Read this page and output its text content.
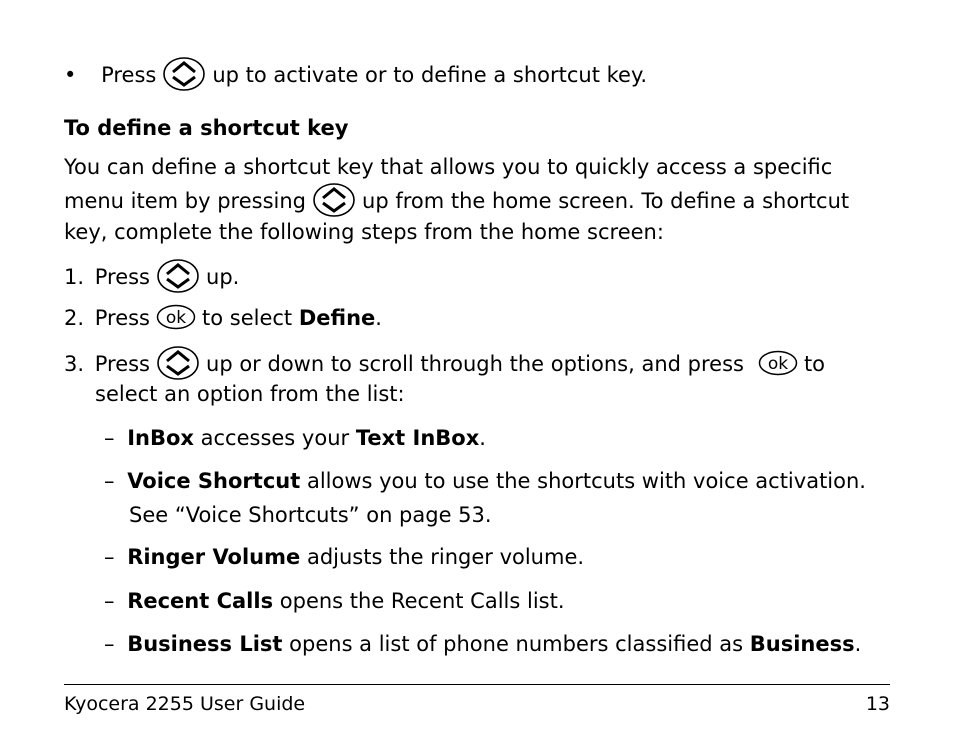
• Press	up to activate or to define a shortcut key.
To define a shortcut key
You can define a shortcut key that allows you to quickly access a specific
menu item by pressing	up from the home screen. To define a shortcut
key, complete the following steps from the home screen:
1. Press	up.
2. Press ok to select Define.
3. Press	up or down to scroll through the options, and press ok to
select an option from the list:
– InBox accesses your Text InBox.
– Voice Shortcut allows you to use the shortcuts with voice activation.
See “Voice Shortcuts” on page 53.
– Ringer Volume adjusts the ringer volume.
– Recent Calls opens the Recent Calls list.
– Business List opens a list of phone numbers classified as Business.
Kyocera 2255 User Guide	13
